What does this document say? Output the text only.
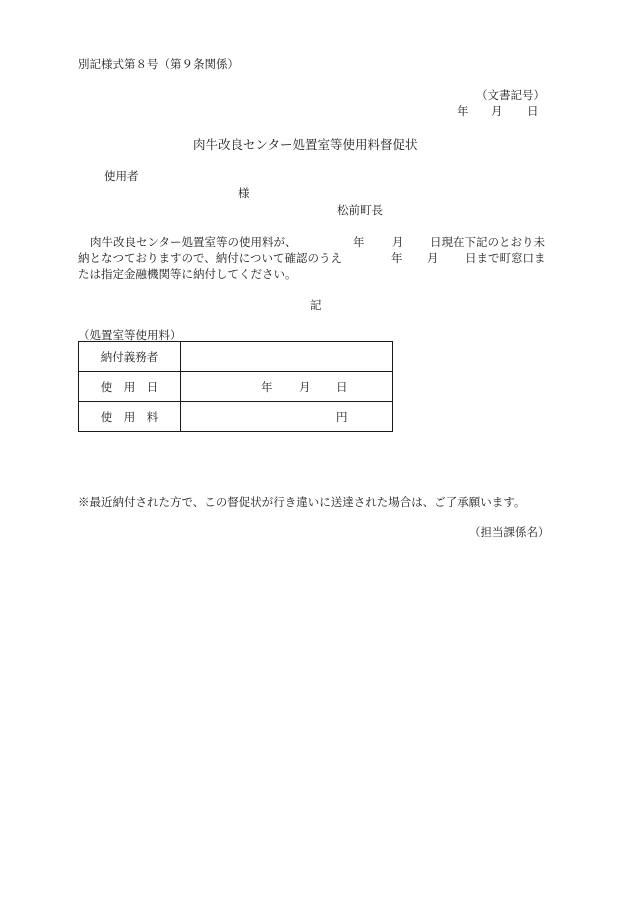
別記様式第８号（第９条関係）
（文書記号）
年 月 日
肉牛改良センター処置室等使用料督促状
使用者
様
松前町長
肉牛改良センター処置室等の使用料が、	年 月 日現在下記のとおり未
納となつておりますので、納付について確認のうえ	年 月 日まで町窓口ま
たは指定金融機関等に納付してください。
記
（処置室等使用料）
納付義務者	
使　用　日	年 月 日

使　用　料	円
※最近納付された方で、この督促状が行き違いに送達された場合は、ご了承願います。
（担当課係名）
